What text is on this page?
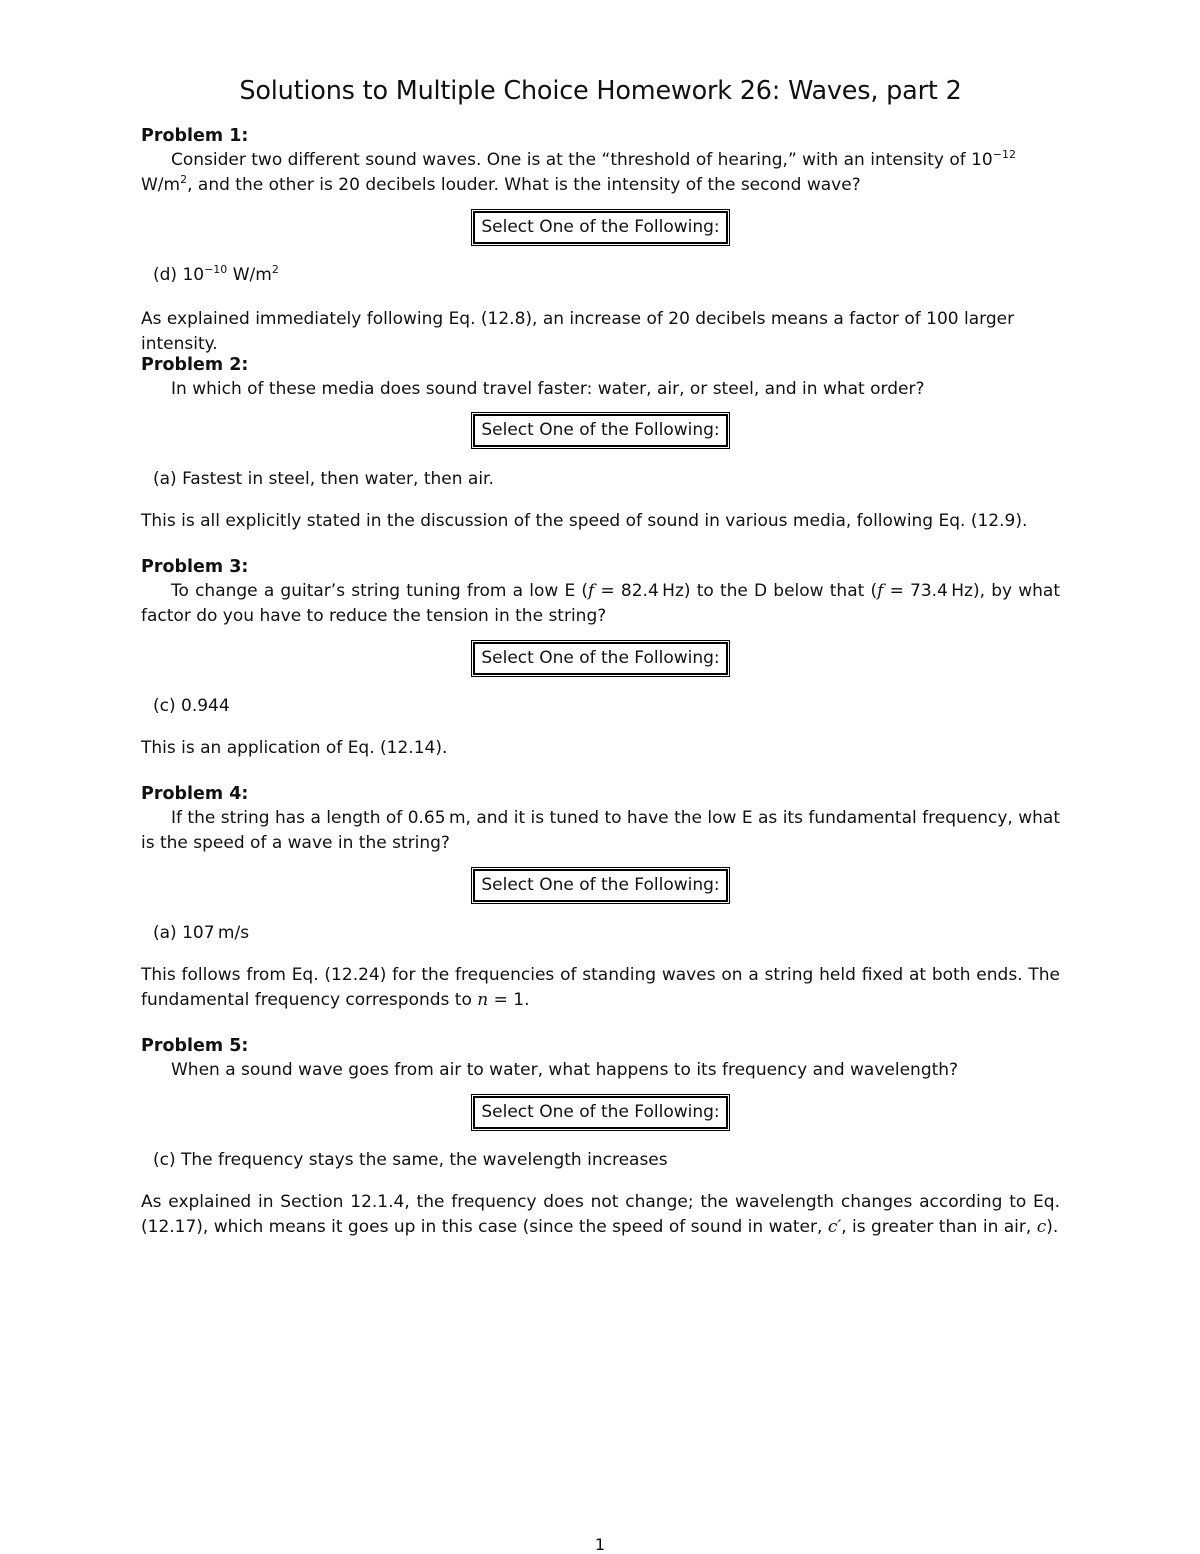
Solutions to Multiple Choice Homework 26: Waves, part 2
Problem 1:
Consider two different sound waves. One is at the “threshold of hearing,” with an intensity of $10^{-12}$ $W/m^2$, and the other is 20 decibels louder. What is the intensity of the second wave?
Select One of the Following:
(d) $10^{-10}$ $W/m^2$
As explained immediately following Eq. (12.8), an increase of 20 decibels means a factor of 100 larger intensity.
Problem 2:
In which of these media does sound travel faster: water, air, or steel, and in what order?
Select One of the Following:
(a) Fastest in steel, then water, then air.
This is all explicitly stated in the discussion of the speed of sound in various media, following Eq. (12.9).
Problem 3:
To change a guitar’s string tuning from a low E (f = 82.4 Hz) to the D below that (f = 73.4 Hz), by what factor do you have to reduce the tension in the string?
Select One of the Following:
(c) 0.944
This is an application of Eq. (12.14).
Problem 4:
If the string has a length of 0.65 m, and it is tuned to have the low E as its fundamental frequency, what is the speed of a wave in the string?
Select One of the Following:
(a) 107 m/s
This follows from Eq. (12.24) for the frequencies of standing waves on a string held fixed at both ends. The fundamental frequency corresponds to n = 1.
Problem 5:
When a sound wave goes from air to water, what happens to its frequency and wavelength?
Select One of the Following:
(c) The frequency stays the same, the wavelength increases
As explained in Section 12.1.4, the frequency does not change; the wavelength changes according to Eq. (12.17), which means it goes up in this case (since the speed of sound in water, c′, is greater than in air, c).
1
